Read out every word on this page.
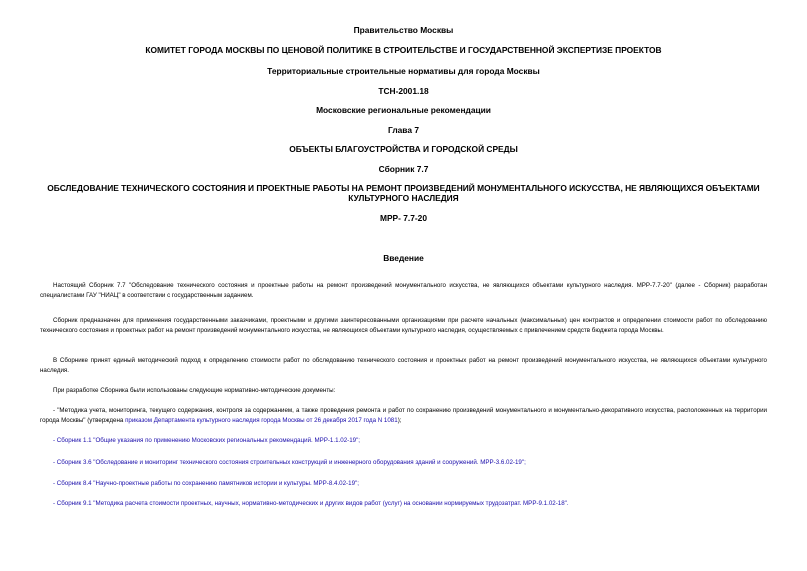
Правительство Москвы
КОМИТЕТ ГОРОДА МОСКВЫ ПО ЦЕНОВОЙ ПОЛИТИКЕ В СТРОИТЕЛЬСТВЕ И ГОСУДАРСТВЕННОЙ ЭКСПЕРТИЗЕ ПРОЕКТОВ
Территориальные строительные нормативы для города Москвы
ТСН-2001.18
Московские региональные рекомендации
Глава 7
ОБЪЕКТЫ БЛАГОУСТРОЙСТВА И ГОРОДСКОЙ СРЕДЫ
Сборник 7.7
ОБСЛЕДОВАНИЕ ТЕХНИЧЕСКОГО СОСТОЯНИЯ И ПРОЕКТНЫЕ РАБОТЫ НА РЕМОНТ ПРОИЗВЕДЕНИЙ МОНУМЕНТАЛЬНОГО ИСКУССТВА, НЕ ЯВЛЯЮЩИХСЯ ОБЪЕКТАМИ КУЛЬТУРНОГО НАСЛЕДИЯ
МРР- 7.7-20
Введение
Настоящий Сборник 7.7 "Обследование технического состояния и проектные работы на ремонт произведений монументального искусства, не являющихся объектами культурного наследия. МРР-7.7-20" (далее - Сборник) разработан специалистами ГАУ "НИАЦ" в соответствии с государственным заданием.
Сборник предназначен для применения государственными заказчиками, проектными и другими заинтересованными организациями при расчете начальных (максимальных) цен контрактов и определении стоимости работ по обследованию технического состояния и проектных работ на ремонт произведений монументального искусства, не являющихся объектами культурного наследия, осуществляемых с привлечением средств бюджета города Москвы.
В Сборнике принят единый методический подход к определению стоимости работ по обследованию технического состояния и проектных работ на ремонт произведений монументального искусства, не являющихся объектами культурного наследия.
При разработке Сборника были использованы следующие нормативно-методические документы:
- "Методика учета, мониторинга, текущего содержания, контроля за содержанием, а также проведения ремонта и работ по сохранению произведений монументального и монументально-декоративного искусства, расположенных на территории города Москвы" (утверждена приказом Департамента культурного наследия города Москвы от 26 декабря 2017 года N 1081);
- Сборник 1.1 "Общие указания по применению Московских региональных рекомендаций. МРР-1.1.02-19";
- Сборник 3.6 "Обследование и мониторинг технического состояния строительных конструкций и инженерного оборудования зданий и сооружений. МРР-3.6.02-19";
- Сборник 8.4 "Научно-проектные работы по сохранению памятников истории и культуры. МРР-8.4.02-19";
- Сборник 9.1 "Методика расчета стоимости проектных, научных, нормативно-методических и других видов работ (услуг) на основании нормируемых трудозатрат. МРР-9.1.02-18".
